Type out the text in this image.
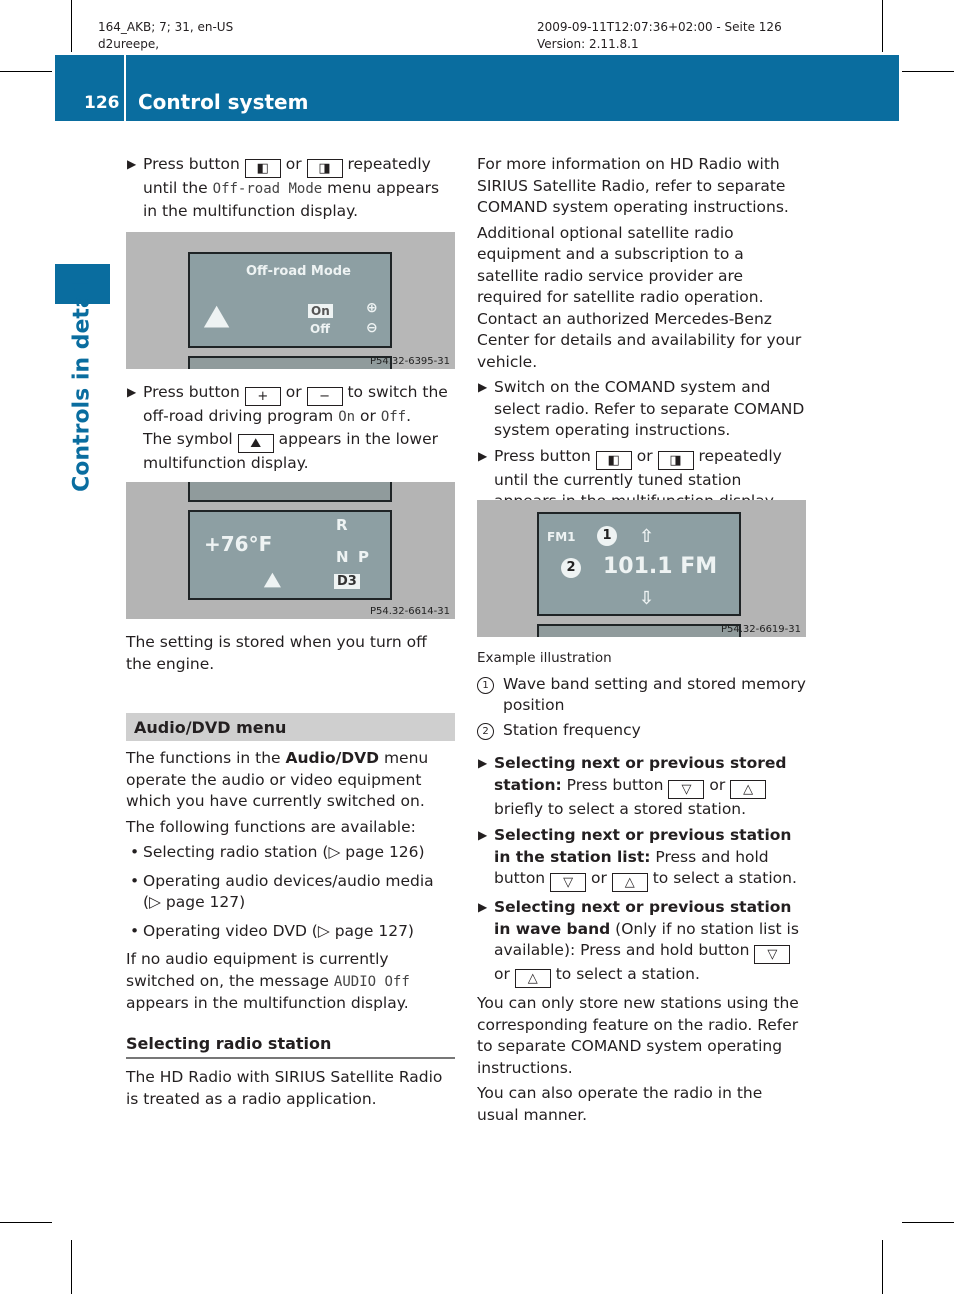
164_AKB; 7; 31, en-US
d2ureepe,
2009-09-11T12:07:36+02:00 - Seite 126
Version: 2.11.8.1
126 Control system
Controls in detail
▶ Press button ◧ or ◨ repeatedly until the Off-road Mode menu appears in the multifunction display.
Off-road Mode
⛰	On
Off
⊕
⊖
P54.32-6395-31
▶ Press button + or − to switch the off-road driving program On or Off.
The symbol ⛰ appears in the lower multifunction display.
+76°F
R
N P
D3
⛰
P54.32-6614-31

The setting is stored when you turn off the engine.

Audio/DVD menu

The functions in the Audio/DVD menu operate the audio or video equipment which you have currently switched on.

The following functions are available:

• Selecting radio station (▷ page 126)
• Operating audio devices/audio media (▷ page 127)
• Operating video DVD (▷ page 127)

If no audio equipment is currently switched on, the message AUDIO Off appears in the multifunction display.

Selecting radio station

The HD Radio with SIRIUS Satellite Radio is treated as a radio application.

For more information on HD Radio with SIRIUS Satellite Radio, refer to separate COMAND system operating instructions.

Additional optional satellite radio equipment and a subscription to a satellite radio service provider are required for satellite radio operation. Contact an authorized Mercedes-Benz Center for details and availability for your vehicle.

▶ Switch on the COMAND system and select radio. Refer to separate COMAND system operating instructions.
▶ Press button ◧ or ◨ repeatedly until the currently tuned station
FM1	1	⇧
2 101.1 FM
⇩
P54.32-6619-31
Example illustration
1 Wave band setting and stored memory position
2 Station frequency
▶ Selecting next or previous stored station: Press button ▽ or △ briefly to select a stored station.
▶ Selecting next or previous station in the station list: Press and hold button ▽ or △ to select a station.
▶ Selecting next or previous station in wave band (Only if no station list is available): Press and hold button ▽ or △ to select a station.

You can only store new stations using the corresponding feature on the radio. Refer to separate COMAND system operating instructions.

You can also operate the radio in the usual manner.
